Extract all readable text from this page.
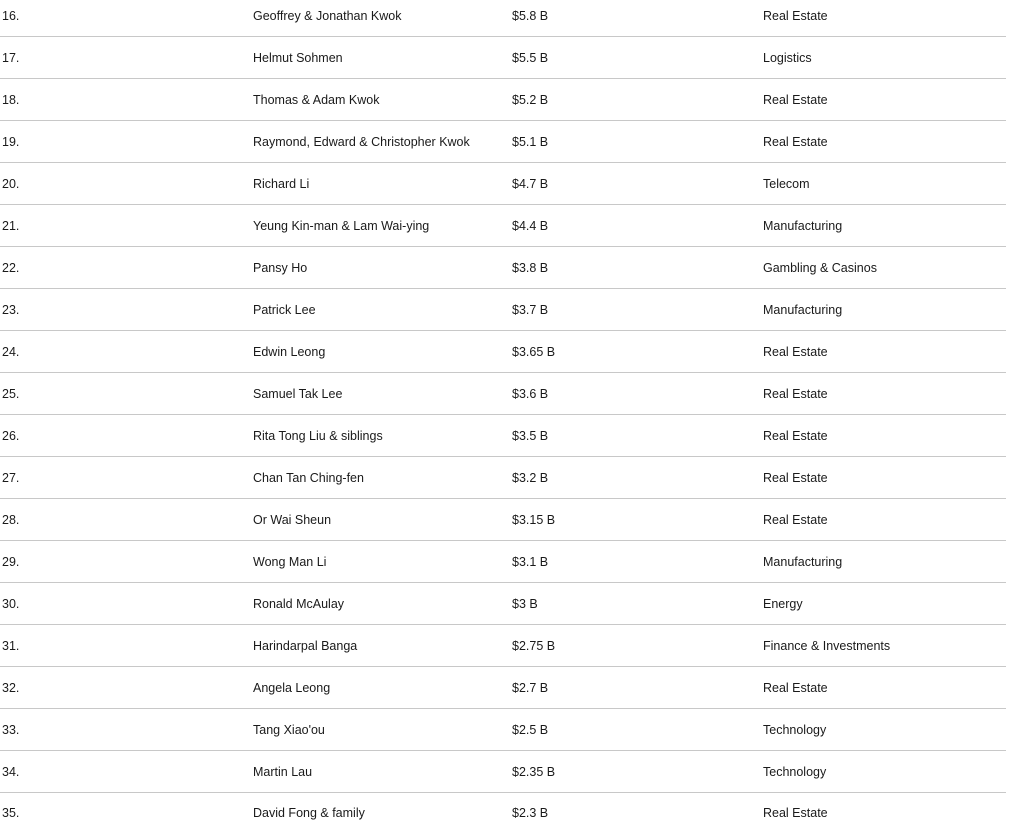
16.	Geoffrey & Jonathan Kwok	$5.8 B	Real Estate
17.	Helmut Sohmen	$5.5 B	Logistics
18.	Thomas & Adam Kwok	$5.2 B	Real Estate
19.	Raymond, Edward & Christopher Kwok	$5.1 B	Real Estate
20.	Richard Li	$4.7 B	Telecom
21.	Yeung Kin-man & Lam Wai-ying	$4.4 B	Manufacturing
22.	Pansy Ho	$3.8 B	Gambling & Casinos
23.	Patrick Lee	$3.7 B	Manufacturing
24.	Edwin Leong	$3.65 B	Real Estate
25.	Samuel Tak Lee	$3.6 B	Real Estate
26.	Rita Tong Liu & siblings	$3.5 B	Real Estate
27.	Chan Tan Ching-fen	$3.2 B	Real Estate
28.	Or Wai Sheun	$3.15 B	Real Estate
29.	Wong Man Li	$3.1 B	Manufacturing
30.	Ronald McAulay	$3 B	Energy
31.	Harindarpal Banga	$2.75 B	Finance & Investments
32.	Angela Leong	$2.7 B	Real Estate
33.	Tang Xiao'ou	$2.5 B	Technology
34.	Martin Lau	$2.35 B	Technology
35.	David Fong & family	$2.3 B	Real Estate
